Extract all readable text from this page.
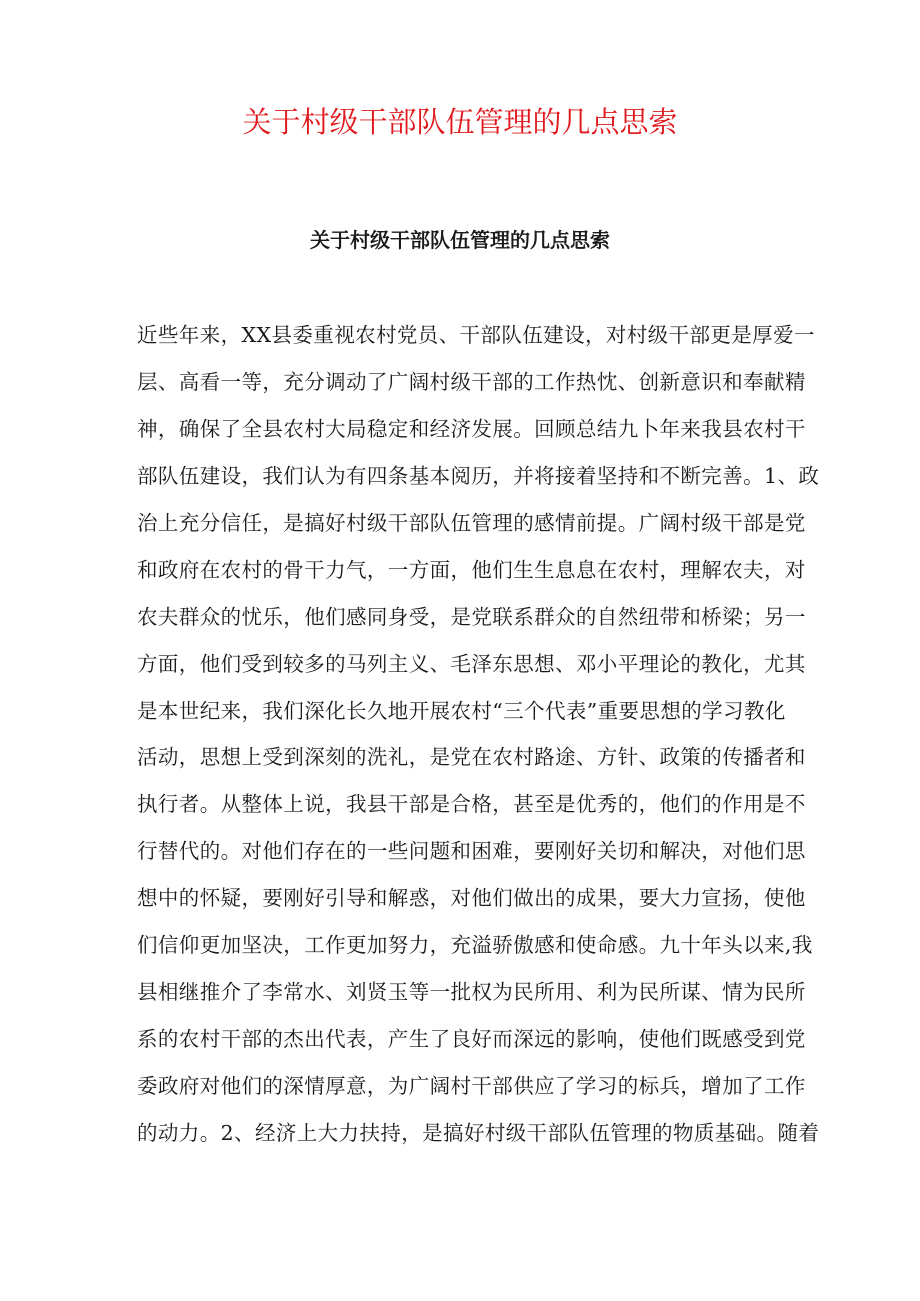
关于村级干部队伍管理的几点思索
关于村级干部队伍管理的几点思索
近些年来，XX县委重视农村党员、干部队伍建设，对村级干部更是厚爱一
层、高看一等，充分调动了广阔村级干部的工作热忱、创新意识和奉献精
神，确保了全县农村大局稳定和经济发展。回顾总结九卜年来我县农村干
部队伍建设，我们认为有四条基本阅历，并将接着坚持和不断完善。1、政
治上充分信任，是搞好村级干部队伍管理的感情前提。广阔村级干部是党
和政府在农村的骨干力气，一方面，他们生生息息在农村，理解农夫，对
农夫群众的忧乐，他们感同身受，是党联系群众的自然纽带和桥梁；另一
方面，他们受到较多的马列主义、毛泽东思想、邓小平理论的教化，尤其
是本世纪来，我们深化长久地开展农村“三个代表”重要思想的学习教化
活动，思想上受到深刻的洗礼，是党在农村路途、方针、政策的传播者和
执行者。从整体上说，我县干部是合格，甚至是优秀的，他们的作用是不
行替代的。对他们存在的一些问题和困难，要刚好关切和解决，对他们思
想中的怀疑，要刚好引导和解惑，对他们做出的成果，要大力宣扬，使他
们信仰更加坚决，工作更加努力，充溢骄傲感和使命感。九十年头以来,我
县相继推介了李常水、刘贤玉等一批权为民所用、利为民所谋、情为民所
系的农村干部的杰出代表，产生了良好而深远的影响，使他们既感受到党
委政府对他们的深情厚意，为广阔村干部供应了学习的标兵，增加了工作
的动力。2、经济上大力扶持，是搞好村级干部队伍管理的物质基础。随着
